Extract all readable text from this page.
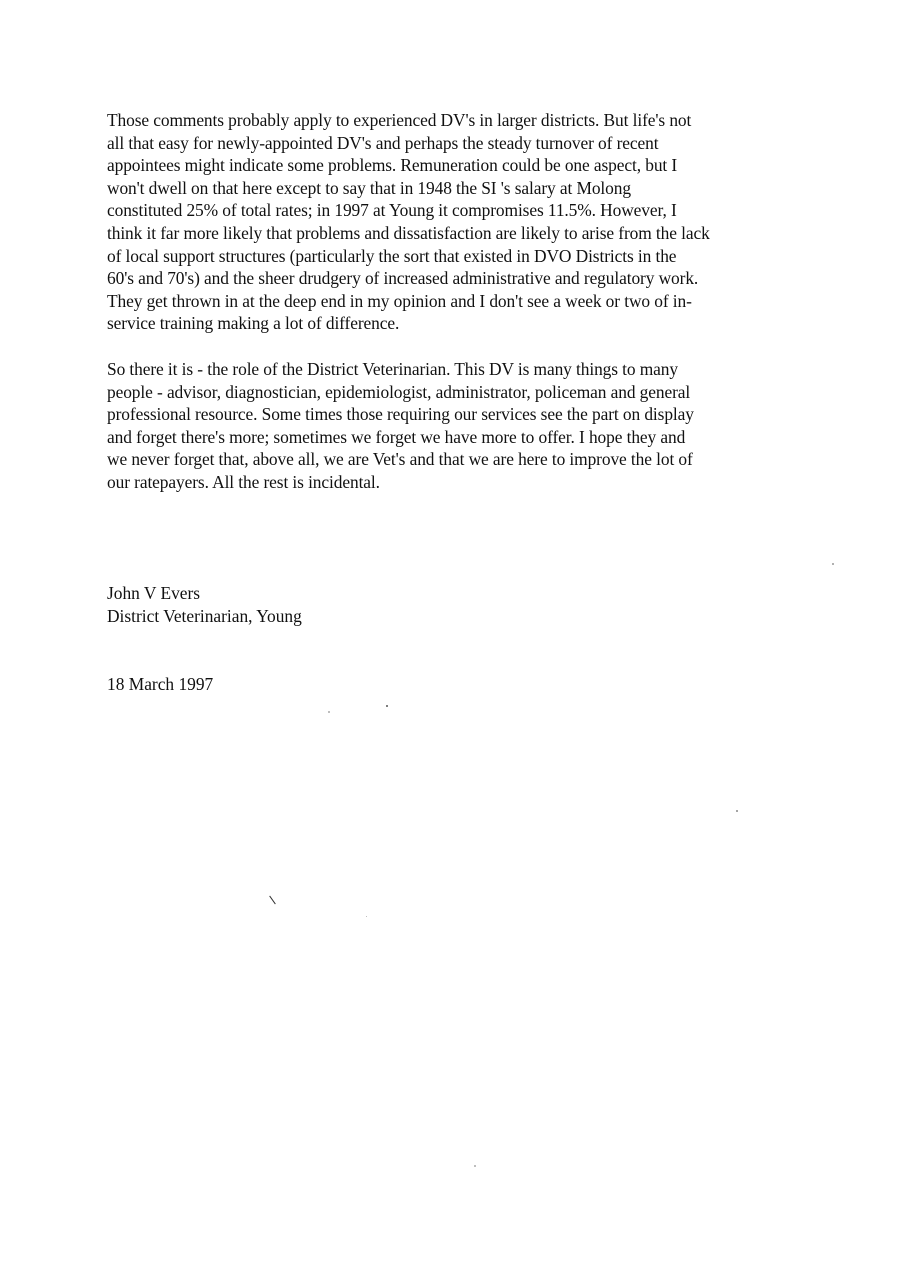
Those comments probably apply to experienced DV's in larger districts. But life's not
all that easy for newly-appointed DV's and perhaps the steady turnover of recent
appointees might indicate some problems. Remuneration could be one aspect, but I
won't dwell on that here except to say that in 1948 the SI 's salary at Molong
constituted 25% of total rates; in 1997 at Young it compromises 11.5%. However, I
think it far more likely that problems and dissatisfaction are likely to arise from the lack
of local support structures (particularly the sort that existed in DVO Districts in the
60's and 70's) and the sheer drudgery of increased administrative and regulatory work.
They get thrown in at the deep end in my opinion and I don't see a week or two of in-
service training making a lot of difference.

So there it is - the role of the District Veterinarian. This DV is many things to many
people - advisor, diagnostician, epidemiologist, administrator, policeman and general
professional resource. Some times those requiring our services see the part on display
and forget there's more; sometimes we forget we have more to offer. I hope they and
we never forget that, above all, we are Vet's and that we are here to improve the lot of
our ratepayers. All the rest is incidental.

John V Evers
District Veterinarian, Young

18 March 1997
